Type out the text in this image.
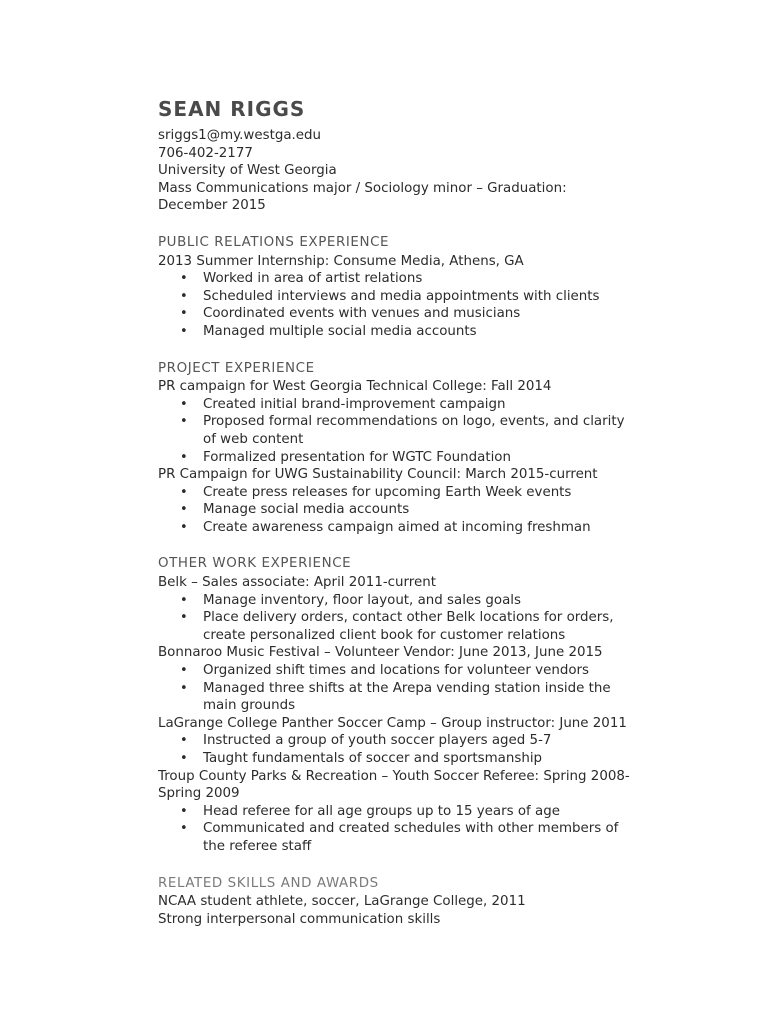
SEAN RIGGS
sriggs1@my.westga.edu
706-402-2177
University of West Georgia
Mass Communications major / Sociology minor – Graduation:
December 2015
PUBLIC RELATIONS EXPERIENCE
2013 Summer Internship: Consume Media, Athens, GA
• Worked in area of artist relations
• Scheduled interviews and media appointments with clients
• Coordinated events with venues and musicians
• Managed multiple social media accounts
PROJECT EXPERIENCE
PR campaign for West Georgia Technical College: Fall 2014
• Created initial brand-improvement campaign
• Proposed formal recommendations on logo, events, and clarity of web content
• Formalized presentation for WGTC Foundation
PR Campaign for UWG Sustainability Council: March 2015-current
• Create press releases for upcoming Earth Week events
• Manage social media accounts
• Create awareness campaign aimed at incoming freshman
OTHER WORK EXPERIENCE
Belk – Sales associate: April 2011-current
• Manage inventory, floor layout, and sales goals
• Place delivery orders, contact other Belk locations for orders, create personalized client book for customer relations
Bonnaroo Music Festival – Volunteer Vendor: June 2013, June 2015
• Organized shift times and locations for volunteer vendors
• Managed three shifts at the Arepa vending station inside the main grounds
LaGrange College Panther Soccer Camp – Group instructor: June 2011
• Instructed a group of youth soccer players aged 5-7
• Taught fundamentals of soccer and sportsmanship
Troup County Parks & Recreation – Youth Soccer Referee: Spring 2008-Spring 2009
• Head referee for all age groups up to 15 years of age
• Communicated and created schedules with other members of the referee staff
RELATED SKILLS AND AWARDS
NCAA student athlete, soccer, LaGrange College, 2011
Strong interpersonal communication skills
